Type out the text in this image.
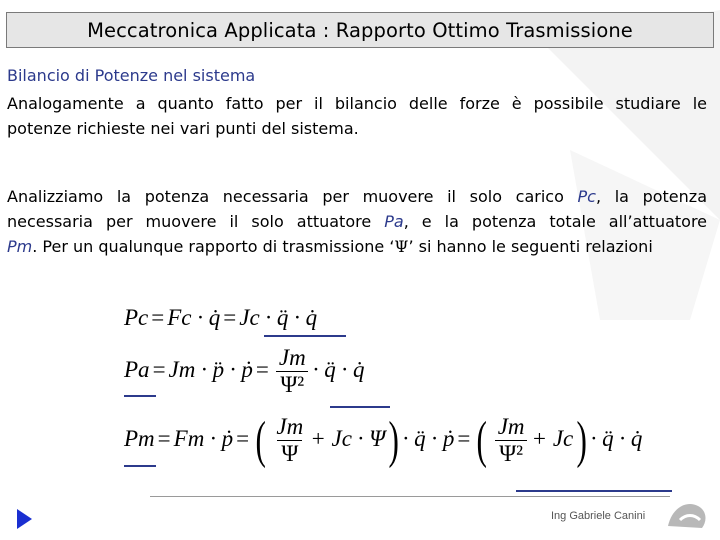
Meccatronica Applicata : Rapporto Ottimo Trasmissione
Bilancio di Potenze nel sistema
Analogamente a quanto fatto per il bilancio delle forze è possibile studiare le
potenze richieste nei vari punti del sistema.
Analizziamo la potenza necessaria per muovere il solo carico Pc, la potenza
necessaria per muovere il solo attuatore Pa, e la potenza totale all’attuatore
Pm. Per un qualunque rapporto di trasmissione ‘Ψ’ si hanno le seguenti relazioni
Pc = Fc · q̇ = Jc · q̈ · q̇
Pa = Jm · p̈ · ṗ = $\frac{Jm}{\text{Ψ²}}$ · q̈ · q̇
Pm = Fm · ṗ = ( $\frac{Jm}{\Psi} + Jc \cdot \Psi$) · q̈ · ṗ = ( $\frac{Jm}{\text{Ψ²}} + Jc$) · q̈ · q̇
Ing Gabriele Canini
